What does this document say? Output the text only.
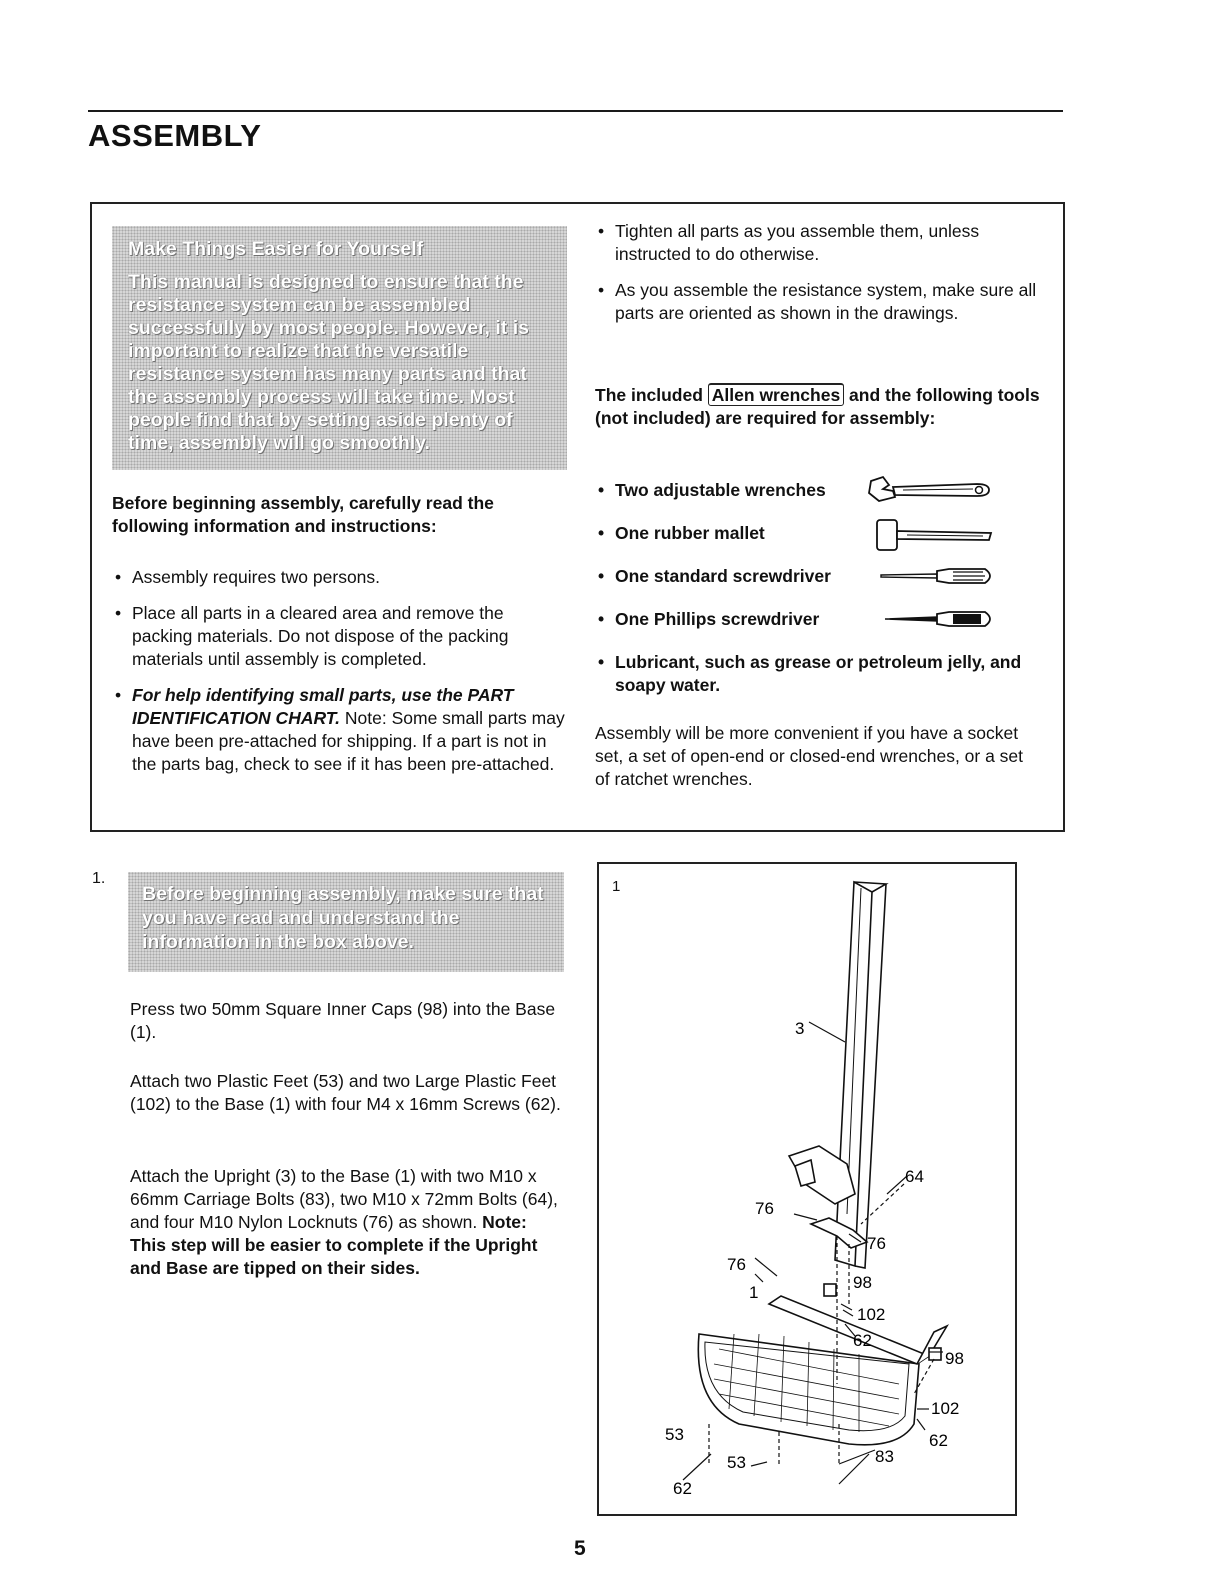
ASSEMBLY
Make Things Easier for Yourself
This manual is designed to ensure that the resistance system can be assembled successfully by most people. However, it is important to realize that the versatile resistance system has many parts and that the assembly process will take time. Most people find that by setting aside plenty of time, assembly will go smoothly.
Before beginning assembly, carefully read the following information and instructions:
• Assembly requires two persons.
• Place all parts in a cleared area and remove the packing materials. Do not dispose of the packing materials until assembly is completed.
• For help identifying small parts, use the PART IDENTIFICATION CHART. Note: Some small parts may have been pre-attached for shipping. If a part is not in the parts bag, check to see if it has been pre-attached.
• Tighten all parts as you assemble them, unless instructed to do otherwise.
• As you assemble the resistance system, make sure all parts are oriented as shown in the drawings.
The included Allen wrenches and the following tools (not included) are required for assembly:
• Two adjustable wrenches
• One rubber mallet
• One standard screwdriver
• One Phillips screwdriver
• Lubricant, such as grease or petroleum jelly, and soapy water.
Assembly will be more convenient if you have a socket set, a set of open-end or closed-end wrenches, or a set of ratchet wrenches.
1.
Before beginning assembly, make sure that you have read and understand the information in the box above.
Press two 50mm Square Inner Caps (98) into the Base (1).
Attach two Plastic Feet (53) and two Large Plastic Feet (102) to the Base (1) with four M4 x 16mm Screws (62).
Attach the Upright (3) to the Base (1) with two M10 x 66mm Carriage Bolts (83), two M10 x 72mm Bolts (64), and four M10 Nylon Locknuts (76) as shown. Note: This step will be easier to complete if the Upright and Base are tipped on their sides.
3
64
76
76
76
1
98
102
62
98
102
62
53
53
62
83
1
5
